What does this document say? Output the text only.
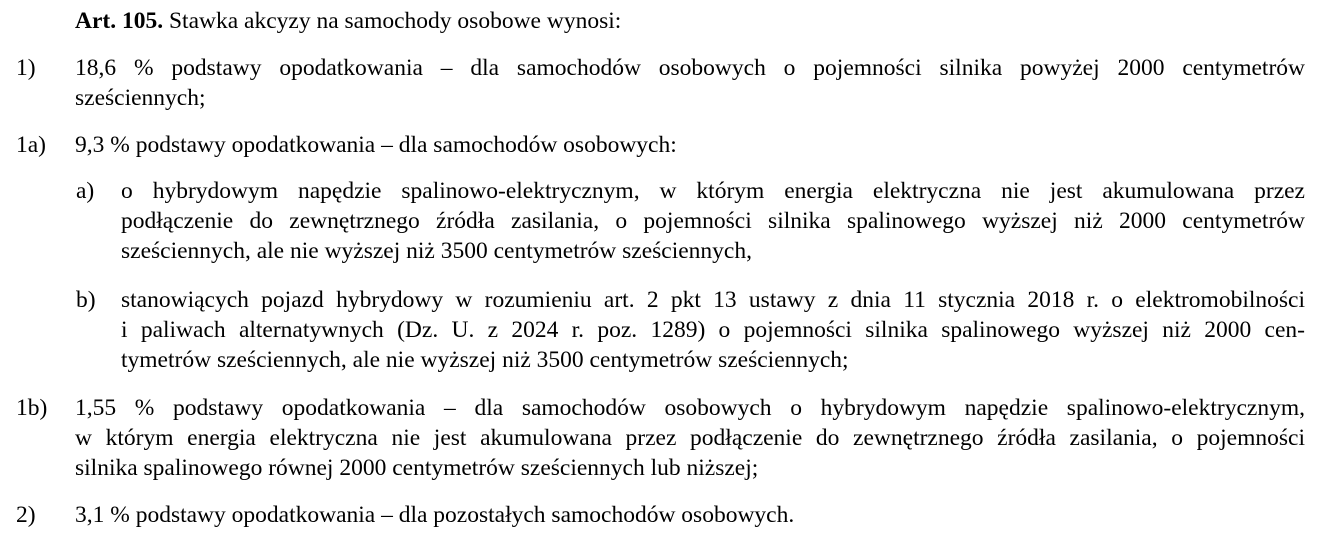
Art. 105. Stawka akcyzy na samochody osobowe wynosi:
1) 18,6 % podstawy opodatkowania – dla samochodów osobowych o pojemności silnika powyżej 2000 centymetrów
sześciennych;
1a) 9,3 % podstawy opodatkowania – dla samochodów osobowych:
a) o hybrydowym napędzie spalinowo-elektrycznym, w którym energia elektryczna nie jest akumulowana przez
podłączenie do zewnętrznego źródła zasilania, o pojemności silnika spalinowego wyższej niż 2000 centymetrów
sześciennych, ale nie wyższej niż 3500 centymetrów sześciennych,
b) stanowiących pojazd hybrydowy w rozumieniu art. 2 pkt 13 ustawy z dnia 11 stycznia 2018 r. o elektromobilności
i paliwach alternatywnych (Dz. U. z 2024 r. poz. 1289) o pojemności silnika spalinowego wyższej niż 2000 cen-
tymetrów sześciennych, ale nie wyższej niż 3500 centymetrów sześciennych;
1b) 1,55 % podstawy opodatkowania – dla samochodów osobowych o hybrydowym napędzie spalinowo-elektrycznym,
w którym energia elektryczna nie jest akumulowana przez podłączenie do zewnętrznego źródła zasilania, o pojemności
silnika spalinowego równej 2000 centymetrów sześciennych lub niższej;
2) 3,1 % podstawy opodatkowania – dla pozostałych samochodów osobowych.
